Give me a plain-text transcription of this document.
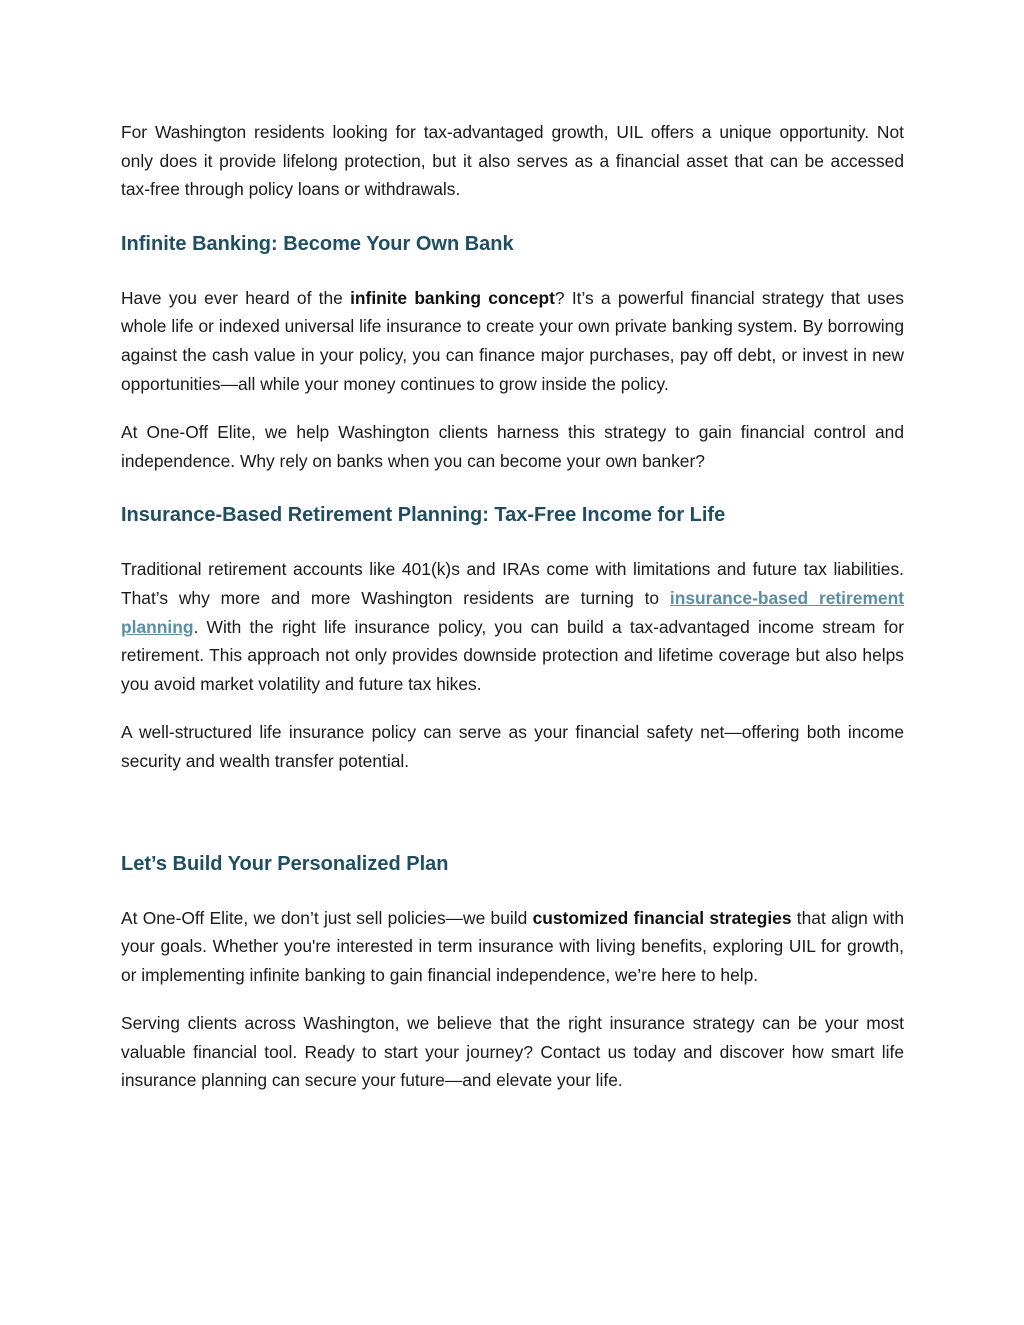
For Washington residents looking for tax-advantaged growth, UIL offers a unique opportunity. Not only does it provide lifelong protection, but it also serves as a financial asset that can be accessed tax-free through policy loans or withdrawals.

Infinite Banking: Become Your Own Bank

Have you ever heard of the infinite banking concept? It’s a powerful financial strategy that uses whole life or indexed universal life insurance to create your own private banking system. By borrowing against the cash value in your policy, you can finance major purchases, pay off debt, or invest in new opportunities—all while your money continues to grow inside the policy.

At One-Off Elite, we help Washington clients harness this strategy to gain financial control and independence. Why rely on banks when you can become your own banker?

Insurance-Based Retirement Planning: Tax-Free Income for Life

Traditional retirement accounts like 401(k)s and IRAs come with limitations and future tax liabilities. That’s why more and more Washington residents are turning to insurance-based retirement planning. With the right life insurance policy, you can build a tax-advantaged income stream for retirement. This approach not only provides downside protection and lifetime coverage but also helps you avoid market volatility and future tax hikes.

A well-structured life insurance policy can serve as your financial safety net—offering both income security and wealth transfer potential.

Let’s Build Your Personalized Plan

At One-Off Elite, we don’t just sell policies—we build customized financial strategies that align with your goals. Whether you're interested in term insurance with living benefits, exploring UIL for growth, or implementing infinite banking to gain financial independence, we’re here to help.

Serving clients across Washington, we believe that the right insurance strategy can be your most valuable financial tool. Ready to start your journey? Contact us today and discover how smart life insurance planning can secure your future—and elevate your life.
